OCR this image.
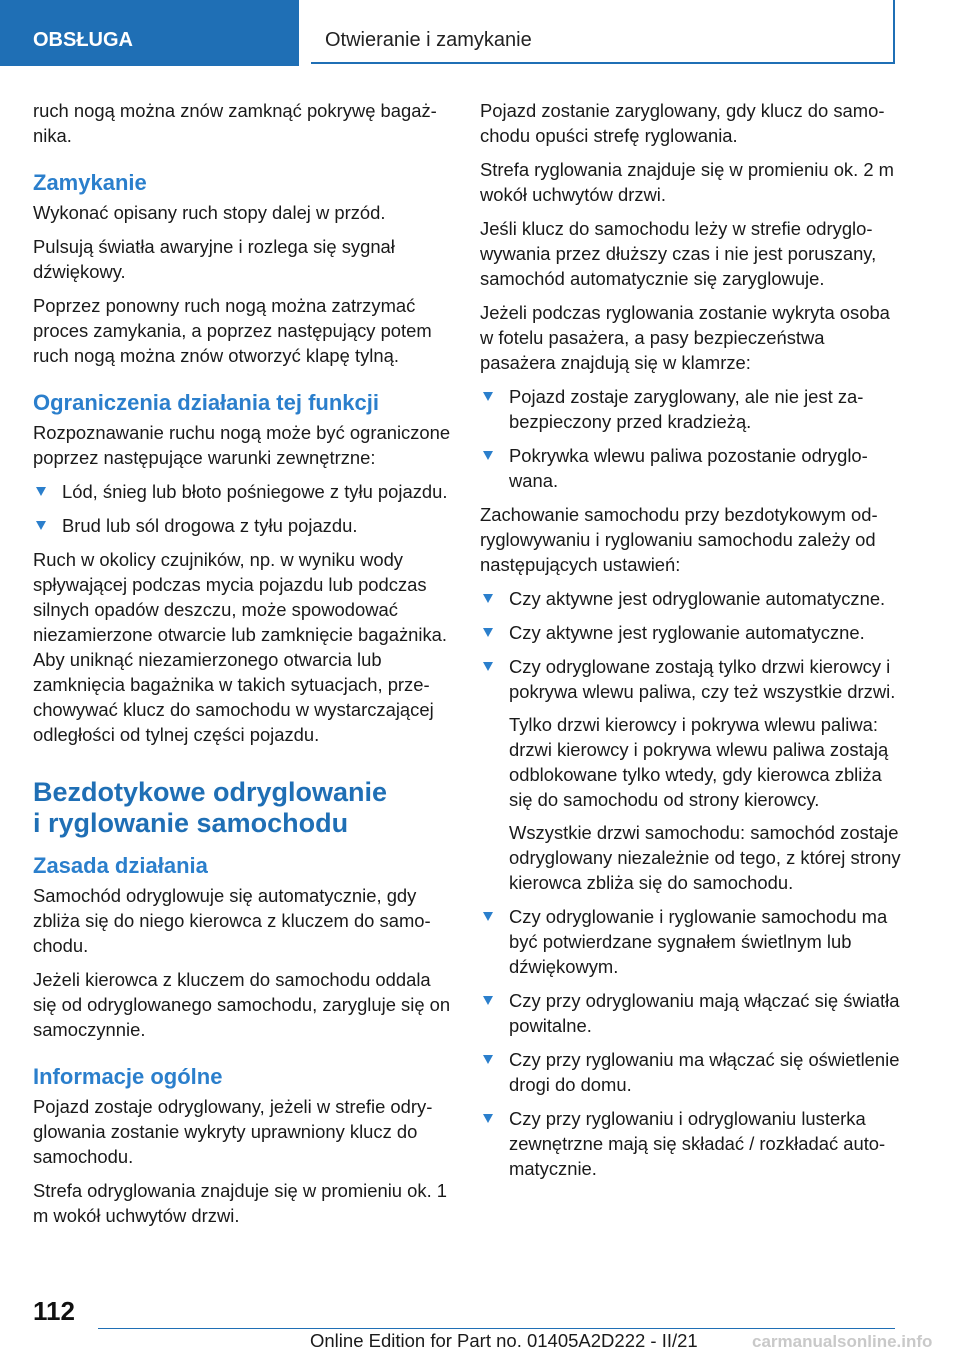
OBSŁUGA	Otwieranie i zamykanie

ruch nogą można znów zamknąć pokrywę bagażnika.

Zamykanie

Wykonać opisany ruch stopy dalej w przód.

Pulsują światła awaryjne i rozlega się sygnał dźwiękowy.

Poprzez ponowny ruch nogą można zatrzymać proces zamykania, a poprzez następujący potem ruch nogą można znów otworzyć klapę tylną.

Ograniczenia działania tej funkcji

Rozpoznawanie ruchu nogą może być ograniczone poprzez następujące warunki zewnętrzne:

Lód, śnieg lub błoto pośniegowe z tyłu pojazdu.

Brud lub sól drogowa z tyłu pojazdu.

Ruch w okolicy czujników, np. w wyniku wody spływającej podczas mycia pojazdu lub podczas silnych opadów deszczu, może spowodować niezamierzone otwarcie lub zamknięcie bagażnika. Aby uniknąć niezamierzonego otwarcia lub zamknięcia bagażnika w takich sytuacjach, przechowywać klucz do samochodu w wystarczającej odległości od tylnej części pojazdu.

Bezdotykowe odryglowanie
i ryglowanie samochodu
Zasada działania

Samochód odryglowuje się automatycznie, gdy zbliża się do niego kierowca z kluczem do samochodu.

Jeżeli kierowca z kluczem do samochodu oddala się od odryglowanego samochodu, zarygluje się on samoczynnie.

Informacje ogólne

Pojazd zostaje odryglowany, jeżeli w strefie odryglowania zostanie wykryty uprawniony klucz do samochodu.

Strefa odryglowania znajduje się w promieniu ok. 1 m wokół uchwytów drzwi.

Pojazd zostanie zaryglowany, gdy klucz do samochodu opuści strefę ryglowania.

Strefa ryglowania znajduje się w promieniu ok. 2 m wokół uchwytów drzwi.

Jeśli klucz do samochodu leży w strefie odryglowywania przez dłuższy czas i nie jest poruszany, samochód automatycznie się zaryglowuje.

Jeżeli podczas ryglowania zostanie wykryta osoba w fotelu pasażera, a pasy bezpieczeństwa pasażera znajdują się w klamrze:

Pojazd zostaje zaryglowany, ale nie jest zabezpieczony przed kradzieżą.

Pokrywka wlewu paliwa pozostanie odryglowana.

Zachowanie samochodu przy bezdotykowym odryglowywaniu i ryglowaniu samochodu zależy od następujących ustawień:

Czy aktywne jest odryglowanie automatyczne.

Czy aktywne jest ryglowanie automatyczne.

Czy odryglowane zostają tylko drzwi kierowcy i pokrywa wlewu paliwa, czy też wszystkie drzwi.

Tylko drzwi kierowcy i pokrywa wlewu paliwa: drzwi kierowcy i pokrywa wlewu paliwa zostają odblokowane tylko wtedy, gdy kierowca zbliża się do samochodu od strony kierowcy.

Wszystkie drzwi samochodu: samochód zostaje odryglowany niezależnie od tego, z której strony kierowca zbliża się do samochodu.

Czy odryglowanie i ryglowanie samochodu ma być potwierdzane sygnałem świetlnym lub dźwiękowym.

Czy przy odryglowaniu mają włączać się światła powitalne.

Czy przy ryglowaniu ma włączać się oświetlenie drogi do domu.

Czy przy ryglowaniu i odryglowaniu lusterka zewnętrzne mają się składać / rozkładać automatycznie.

112
Online Edition for Part no. 01405A2D222 - II/21	carmanualsonline.info
